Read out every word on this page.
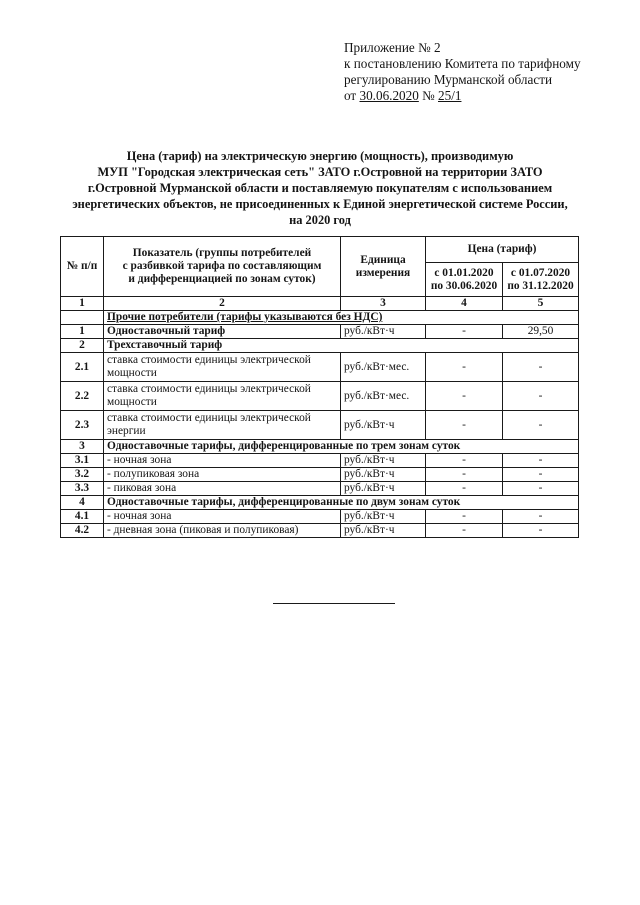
Приложение № 2
к постановлению Комитета по тарифному
регулированию Мурманской области
от 30.06.2020 № 25/1
Цена (тариф) на электрическую энергию (мощность), производимую
МУП "Городская электрическая сеть" ЗАТО г.Островной на территории ЗАТО
г.Островной Мурманской области и поставляемую покупателям с использованием
энергетических объектов, не присоединенных к Единой энергетической системе России,
на 2020 год
№ п/п	Показатель (группы потребителей
с разбивкой тарифа по составляющим
и дифференциацией по зонам суток)	Единица измерения	Цена (тариф)	
			с 01.01.2020 по 30.06.2020	с 01.07.2020 по 31.12.2020
1	2	3	4	5
	Прочие потребители (тарифы указываются без НДС)			
1	Одноставочный тариф	руб./кВт·ч	-	29,50
2	Трехставочный тариф			
2.1	ставка стоимости единицы электрической мощности	руб./кВт·мес.	-	-
2.2	ставка стоимости единицы электрической мощности	руб./кВт·мес.	-	-
2.3	ставка стоимости единицы электрической энергии	руб./кВт·ч	-	-
3	Одноставочные тарифы, дифференцированные по трем зонам суток			
3.1	- ночная зона	руб./кВт·ч	-	-
3.2	- полупиковая зона	руб./кВт·ч	-	-
3.3	- пиковая зона	руб./кВт·ч	-	-
4	Одноставочные тарифы, дифференцированные по двум зонам суток			
4.1	- ночная зона	руб./кВт·ч	-	-
4.2	- дневная зона (пиковая и полупиковая)	руб./кВт·ч	-	-
